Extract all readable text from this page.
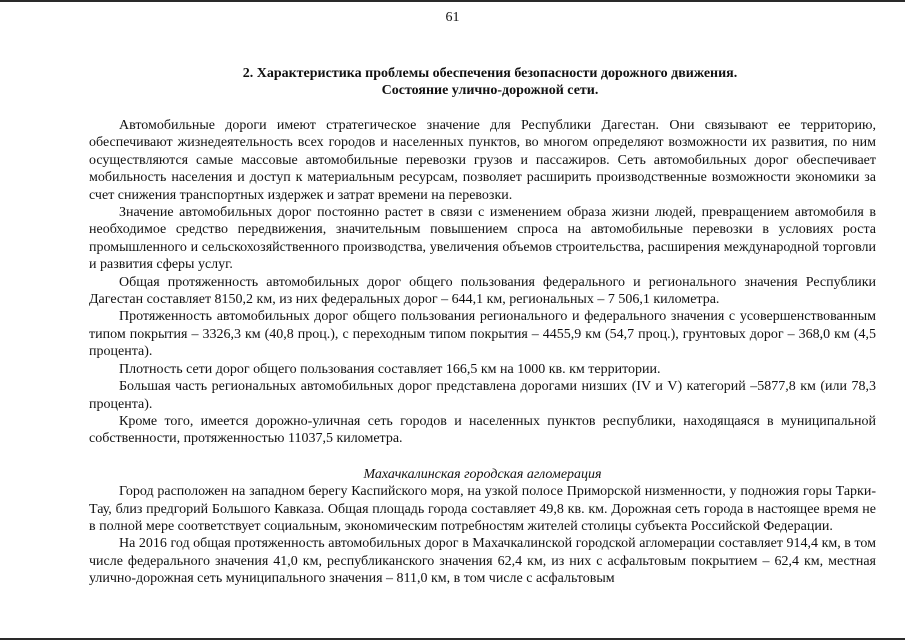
61
2. Характеристика проблемы обеспечения безопасности дорожного движения.
Состояние улично-дорожной сети.

Автомобильные дороги имеют стратегическое значение для Республики Дагестан. Они связывают ее территорию, обеспечивают жизнедеятельность всех городов и населенных пунктов, во многом определяют возможности их развития, по ним осуществляются самые массовые автомобильные перевозки грузов и пассажиров. Сеть автомобильных дорог обеспечивает мобильность населения и доступ к материальным ресурсам, позволяет расширить производственные возможности экономики за счет снижения транспортных издержек и затрат времени на перевозки.

Значение автомобильных дорог постоянно растет в связи с изменением образа жизни людей, превращением автомобиля в необходимое средство передвижения, значительным повышением спроса на автомобильные перевозки в условиях роста промышленного и сельскохозяйственного производства, увеличения объемов строительства, расширения международной торговли и развития сферы услуг.

Общая протяженность автомобильных дорог общего пользования федерального и регионального значения Республики Дагестан составляет 8150,2 км, из них федеральных дорог – 644,1 км, региональных – 7 506,1 километра.

Протяженность автомобильных дорог общего пользования регионального и федерального значения с усовершенствованным типом покрытия – 3326,3 км (40,8 проц.), с переходным типом покрытия – 4455,9 км (54,7 проц.), грунтовых дорог – 368,0 км (4,5 процента).

Плотность сети дорог общего пользования составляет 166,5 км на 1000 кв. км территории.

Большая часть региональных автомобильных дорог представлена дорогами низших (IV и V) категорий –5877,8 км (или 78,3 процента).

Кроме того, имеется дорожно-уличная сеть городов и населенных пунктов республики, находящаяся в муниципальной собственности, протяженностью 11037,5 километра.

Махачкалинская городская агломерация

Город расположен на западном берегу Каспийского моря, на узкой полосе Приморской низменности, у подножия горы Тарки-Тау, близ предгорий Большого Кавказа. Общая площадь города составляет 49,8 кв. км. Дорожная сеть города в настоящее время не в полной мере соответствует социальным, экономическим потребностям жителей столицы субъекта Российской Федерации.

На 2016 год общая протяженность автомобильных дорог в Махачкалинской городской агломерации составляет 914,4 км, в том числе федерального значения 41,0 км, республиканского значения 62,4 км, из них с асфальтовым покрытием – 62,4 км, местная улично-дорожная сеть муниципального значения – 811,0 км, в том числе с асфальтовым
